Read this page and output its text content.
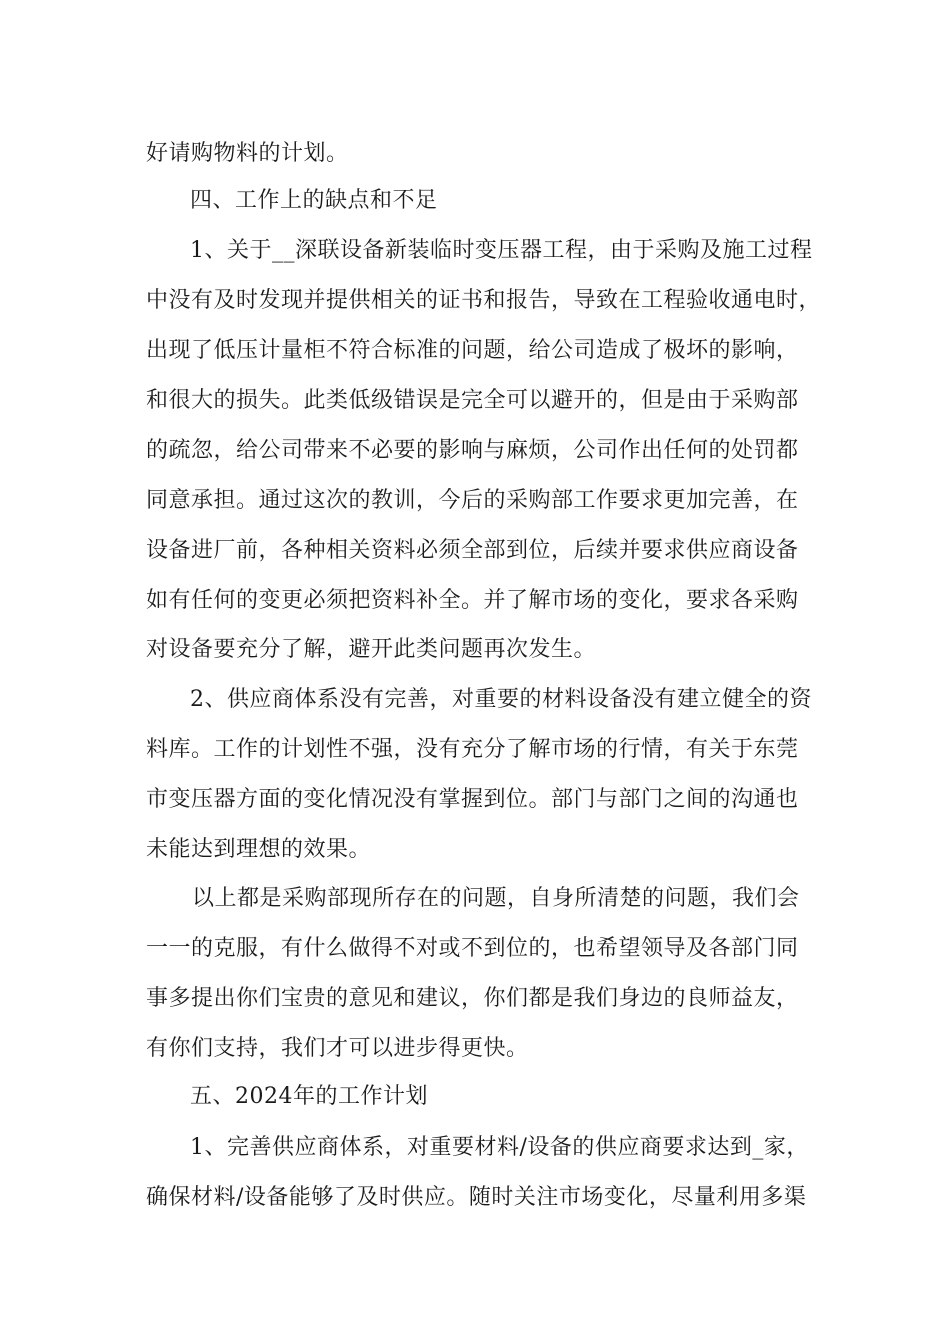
好请购物料的计划。
四、工作上的缺点和不足
1、关于__深联设备新装临时变压器工程，由于采购及施工过程
中没有及时发现并提供相关的证书和报告，导致在工程验收通电时，
出现了低压计量柜不符合标准的问题，给公司造成了极坏的影响，
和很大的损失。此类低级错误是完全可以避开的，但是由于采购部
的疏忽，给公司带来不必要的影响与麻烦，公司作出任何的处罚都
同意承担。通过这次的教训，今后的采购部工作要求更加完善，在
设备进厂前，各种相关资料必须全部到位，后续并要求供应商设备
如有任何的变更必须把资料补全。并了解市场的变化，要求各采购
对设备要充分了解，避开此类问题再次发生。
2、供应商体系没有完善，对重要的材料设备没有建立健全的资
料库。工作的计划性不强，没有充分了解市场的行情，有关于东莞
市变压器方面的变化情况没有掌握到位。部门与部门之间的沟通也
未能达到理想的效果。
以上都是采购部现所存在的问题，自身所清楚的问题，我们会
一一的克服，有什么做得不对或不到位的，也希望领导及各部门同
事多提出你们宝贵的意见和建议，你们都是我们身边的良师益友，
有你们支持，我们才可以进步得更快。
五、2024年的工作计划
1、完善供应商体系，对重要材料/设备的供应商要求达到_家，
确保材料/设备能够了及时供应。随时关注市场变化，尽量利用多渠
